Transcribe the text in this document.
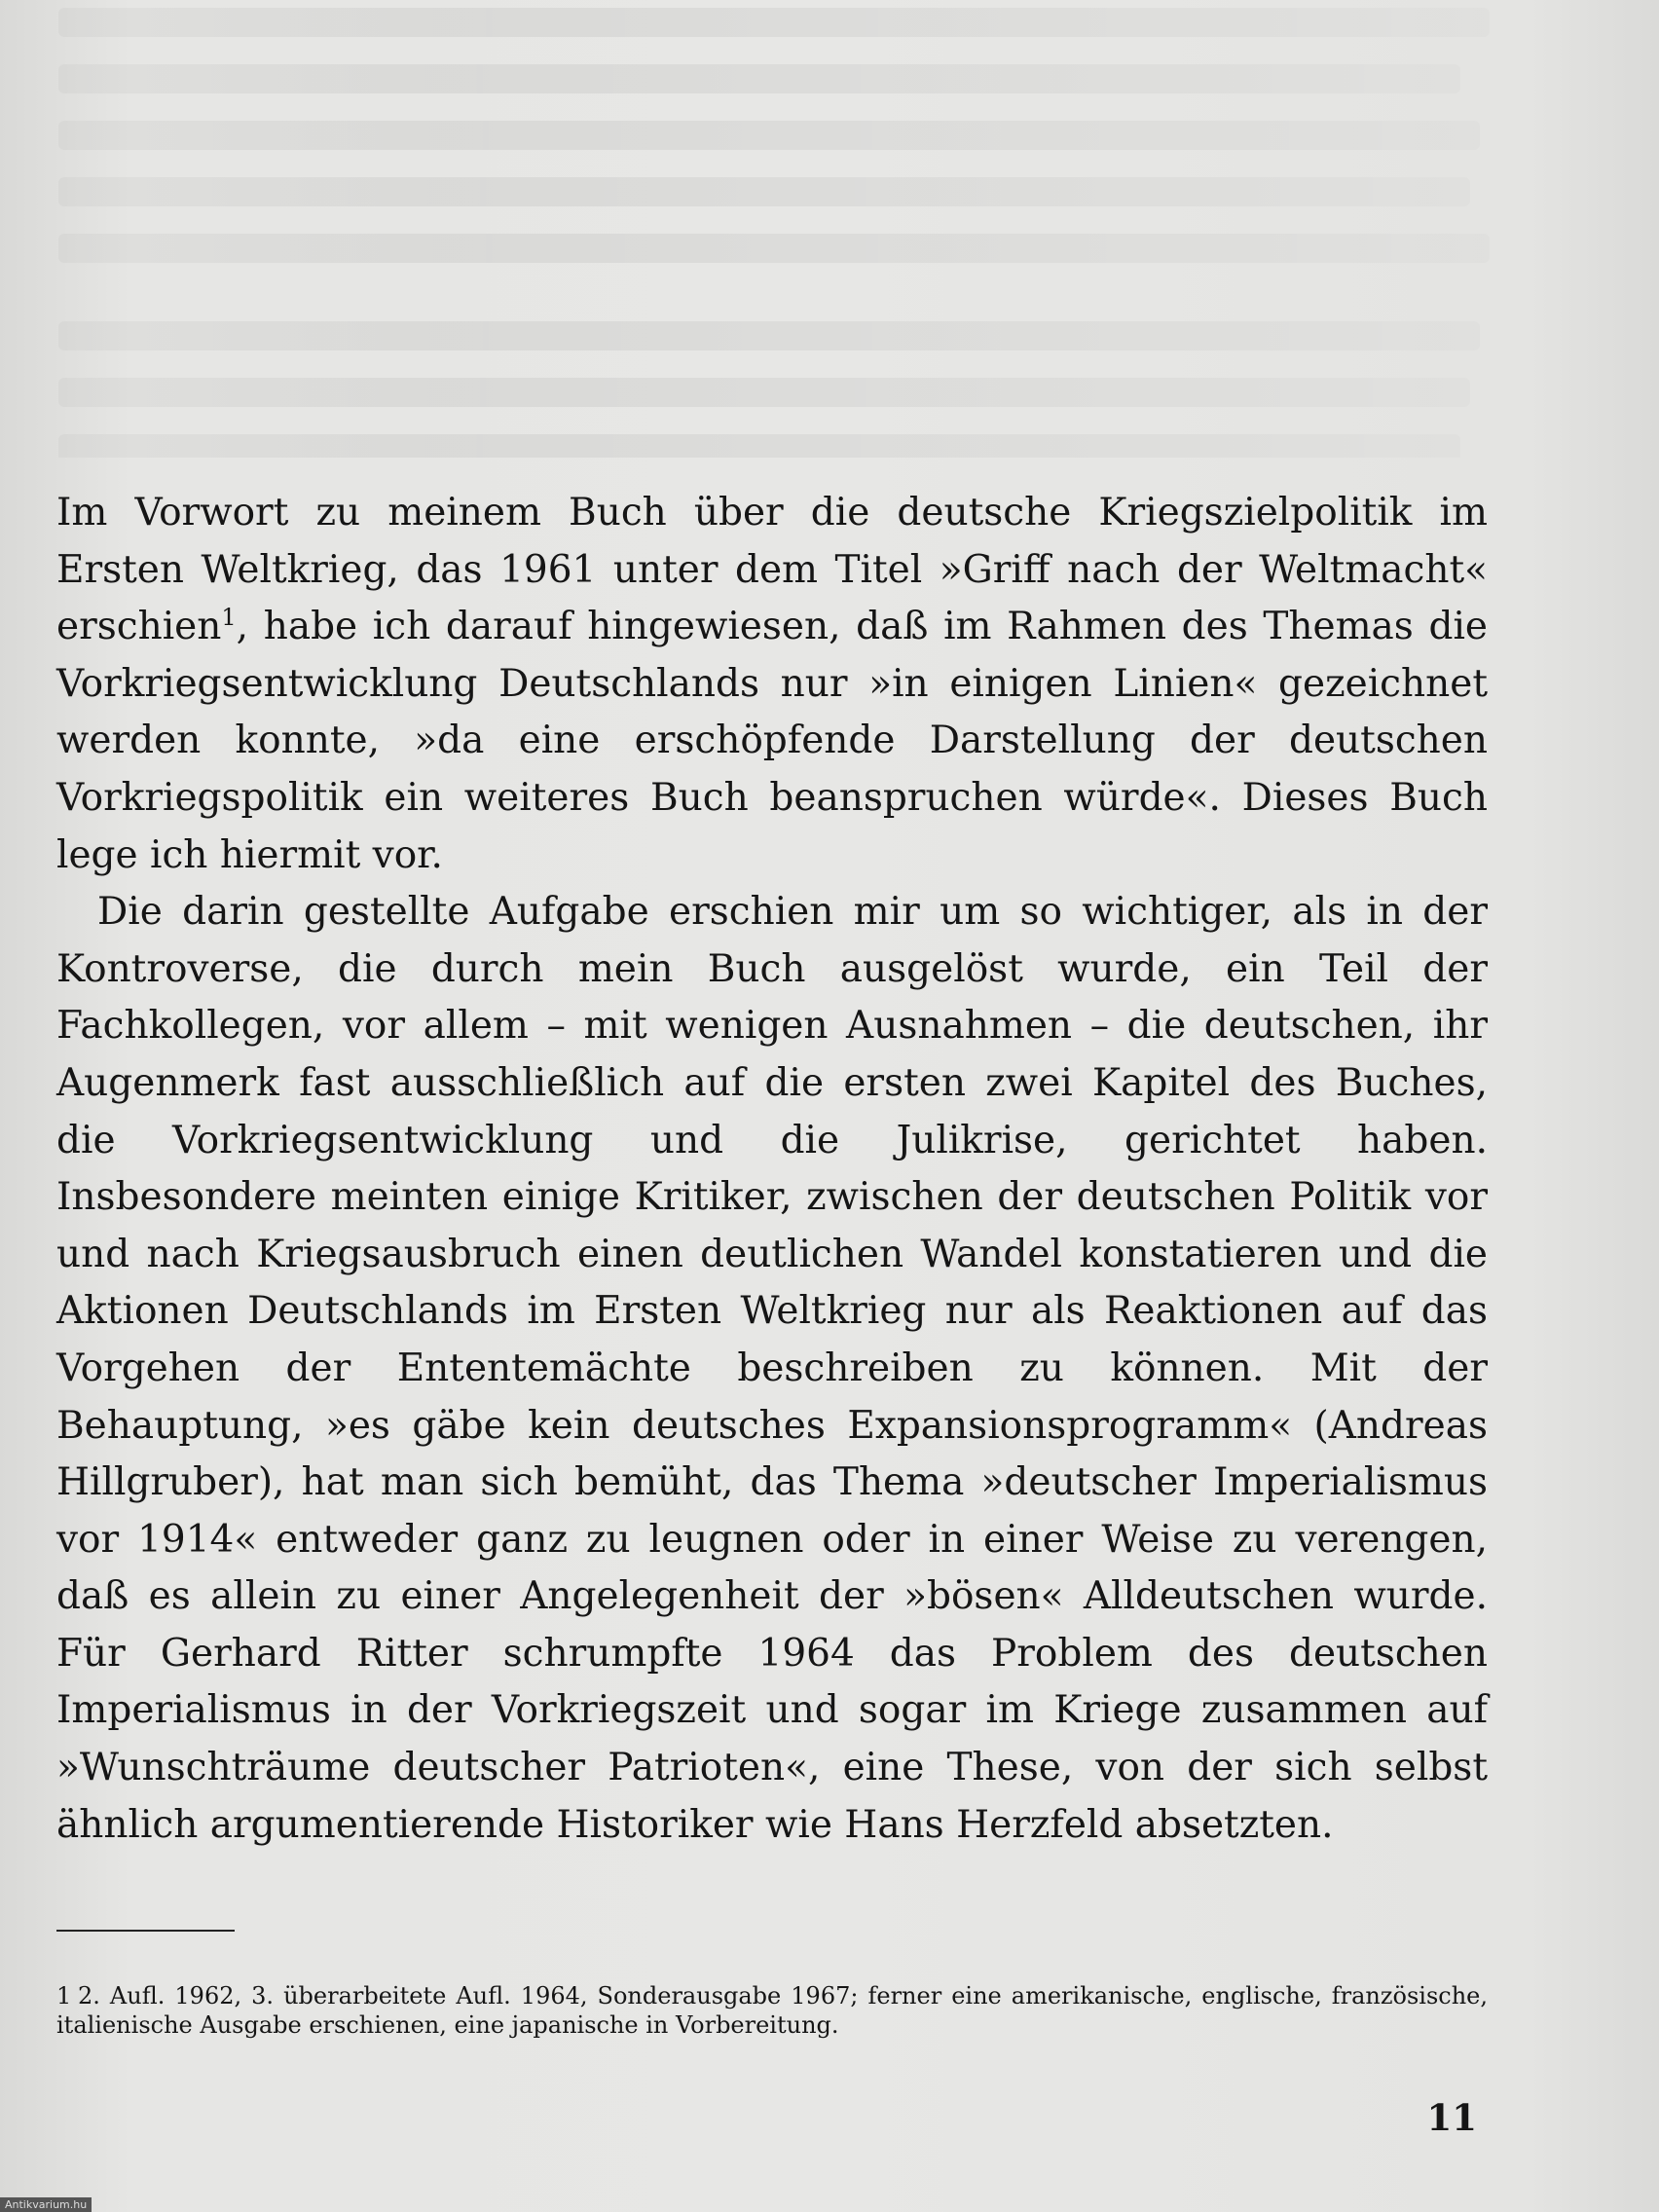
Im Vorwort zu meinem Buch über die deutsche Kriegszielpolitik im Ersten Weltkrieg, das 1961 unter dem Titel »Griff nach der Weltmacht« erschien$^1$, habe ich darauf hingewiesen, daß im Rahmen des Themas die Vorkriegsentwicklung Deutschlands nur »in einigen Linien« gezeichnet werden konnte, »da eine erschöpfende Darstellung der deutschen Vorkriegspolitik ein weiteres Buch beanspruchen würde«. Dieses Buch lege ich hiermit vor.

Die darin gestellte Aufgabe erschien mir um so wichtiger, als in der Kontroverse, die durch mein Buch ausgelöst wurde, ein Teil der Fachkollegen, vor allem – mit wenigen Ausnahmen – die deutschen, ihr Augenmerk fast ausschließlich auf die ersten zwei Kapitel des Buches, die Vorkriegsentwicklung und die Julikrise, gerichtet haben. Insbesondere meinten einige Kritiker, zwischen der deutschen Politik vor und nach Kriegsausbruch einen deutlichen Wandel konstatieren und die Aktionen Deutschlands im Ersten Weltkrieg nur als Reaktionen auf das Vorgehen der Ententemächte beschreiben zu können. Mit der Behauptung, »es gäbe kein deutsches Expansionsprogramm« (Andreas Hillgruber), hat man sich bemüht, das Thema »deutscher Imperialismus vor 1914« entweder ganz zu leugnen oder in einer Weise zu verengen, daß es allein zu einer Angelegenheit der »bösen« Alldeutschen wurde. Für Gerhard Ritter schrumpfte 1964 das Problem des deutschen Imperialismus in der Vorkriegszeit und sogar im Kriege zusammen auf »Wunschträume deutscher Patrioten«, eine These, von der sich selbst ähnlich argumentierende Historiker wie Hans Herzfeld absetzten.

1 2. Aufl. 1962, 3. überarbeitete Aufl. 1964, Sonderausgabe 1967; ferner eine amerikanische, englische, französische, italienische Ausgabe erschienen, eine japanische in Vorbereitung.
11
Antikvarium.hu
